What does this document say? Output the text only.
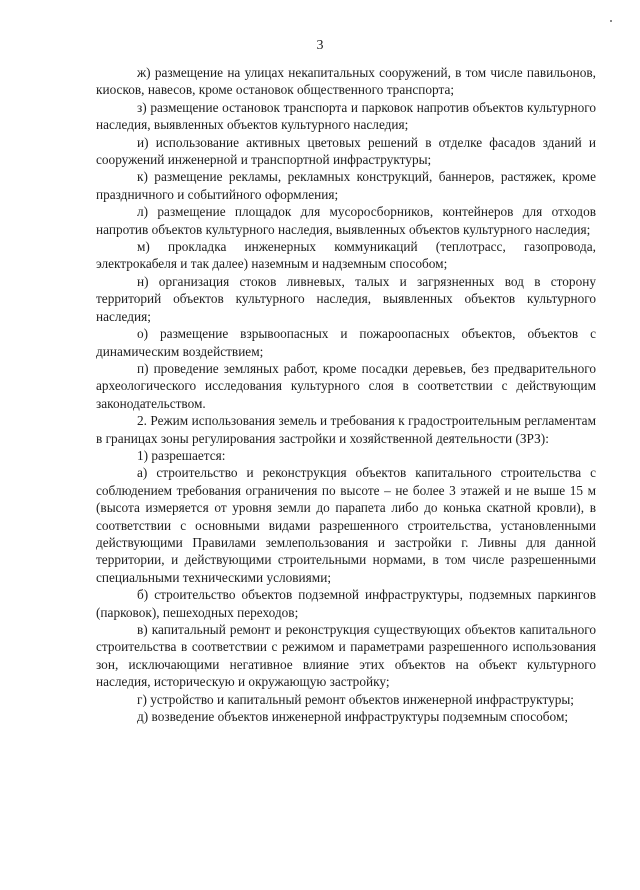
3

ж) размещение на улицах некапитальных сооружений, в том числе павильонов, киосков, навесов, кроме остановок общественного транспорта;

з) размещение остановок транспорта и парковок напротив объектов культурного наследия, выявленных объектов культурного наследия;

и) использование активных цветовых решений в отделке фасадов зданий и сооружений инженерной и транспортной инфраструктуры;

к) размещение рекламы, рекламных конструкций, баннеров, растяжек, кроме праздничного и событийного оформления;

л) размещение площадок для мусоросборников, контейнеров для отходов напротив объектов культурного наследия, выявленных объектов культурного наследия;

м) прокладка инженерных коммуникаций (теплотрасс, газопровода, электрокабеля и так далее) наземным и надземным способом;

н) организация стоков ливневых, талых и загрязненных вод в сторону территорий объектов культурного наследия, выявленных объектов культурного наследия;

о) размещение взрывоопасных и пожароопасных объектов, объектов с динамическим воздействием;

п) проведение земляных работ, кроме посадки деревьев, без предварительного археологического исследования культурного слоя в соответствии с действующим законодательством.

2. Режим использования земель и требования к градостроительным регламентам в границах зоны регулирования застройки и хозяйственной деятельности (ЗРЗ):

1) разрешается:

а) строительство и реконструкция объектов капитального строительства с соблюдением требования ограничения по высоте – не более 3 этажей и не выше 15 м (высота измеряется от уровня земли до парапета либо до конька скатной кровли), в соответствии с основными видами разрешенного строительства, установленными действующими Правилами землепользования и застройки г. Ливны для данной территории, и действующими строительными нормами, в том числе разрешенными специальными техническими условиями;

б) строительство объектов подземной инфраструктуры, подземных паркингов (парковок), пешеходных переходов;

в) капитальный ремонт и реконструкция существующих объектов капитального строительства в соответствии с режимом и параметрами разрешенного использования зон, исключающими негативное влияние этих объектов на объект культурного наследия, историческую и окружающую застройку;

г) устройство и капитальный ремонт объектов инженерной инфраструктуры;

д) возведение объектов инженерной инфраструктуры подземным способом;
